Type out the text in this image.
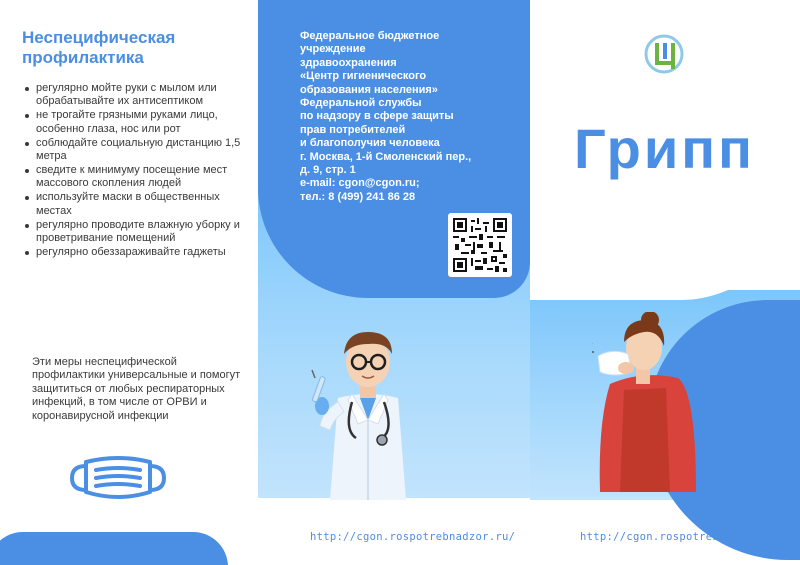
Неспецифическая профилактика
регулярно мойте руки с мылом или обрабатывайте их антисептиком
не трогайте грязными руками лицо, особенно глаза, нос или рот
соблюдайте социальную дистанцию 1,5 метра
сведите к минимуму посещение мест массового скопления людей
используйте маски в общественных местах
регулярно проводите влажную уборку и проветривание помещений
регулярно обеззараживайте гаджеты

Эти меры неспецифической профилактики универсальные и помогут защититься от любых респираторных инфекций, в том числе от ОРВИ и коронавирусной инфекции

Федеральное бюджетное
учреждение
здравоохранения
«Центр гигиенического
образования населения»
Федеральной службы
по надзору в сфере защиты
прав потребителей
и благополучия человека
г. Москва, 1-й Смоленский пер.,
д. 9, стр. 1
e-mail: cgon@cgon.ru;
тел.: 8 (499) 241 86 28
http://cgon.rospotrebnadzor.ru/
Грипп
http://cgon.rospotrebnadzor.ru/
